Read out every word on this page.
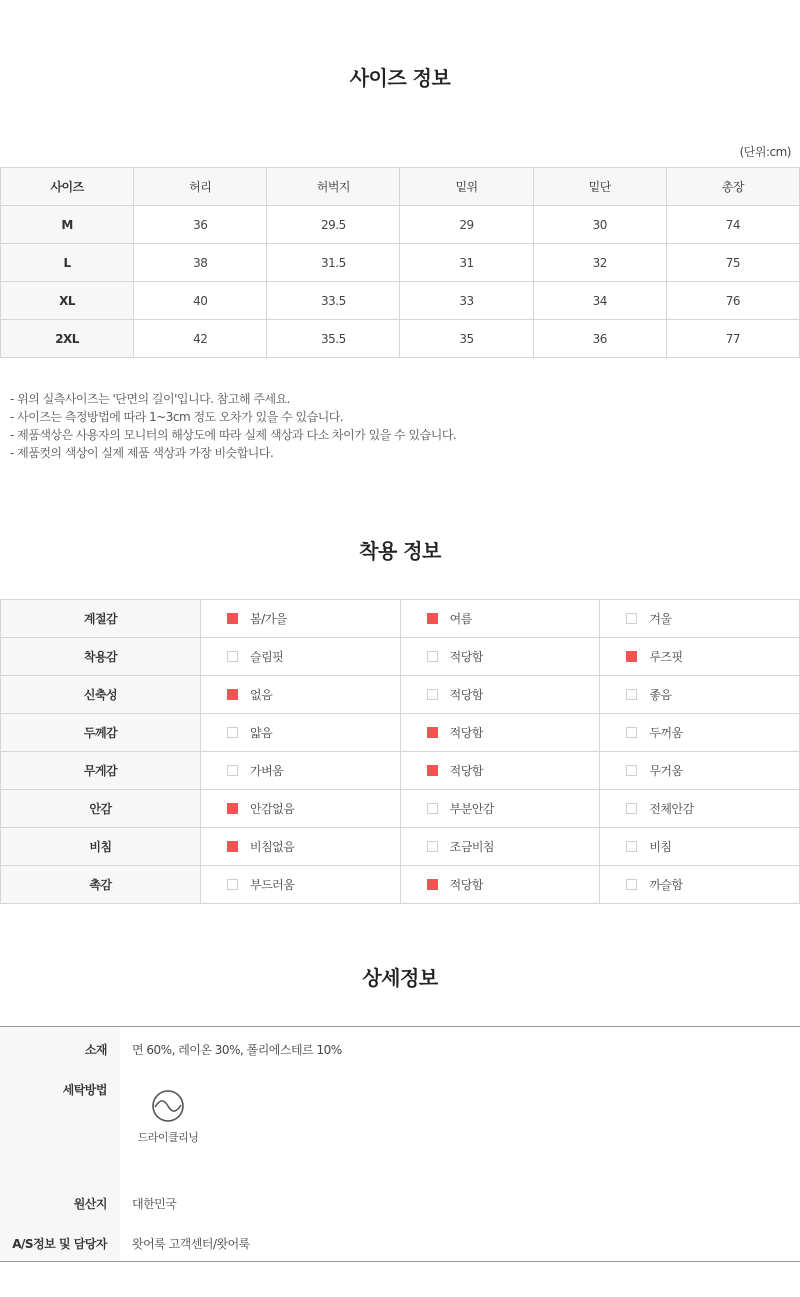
사이즈 정보
(단위:cm)
사이즈	허리	허벅지	밑위	밑단	총장
M	36	29.5	29	30	74
L	38	31.5	31	32	75
XL	40	33.5	33	34	76
2XL	42	35.5	35	36	77
- 위의 실측사이즈는 '단면의 길이'입니다. 참고해 주세요.
- 사이즈는 측정방법에 따라 1~3cm 정도 오차가 있을 수 있습니다.
- 제품색상은 사용자의 모니터의 해상도에 따라 실제 색상과 다소 차이가 있을 수 있습니다.
- 제품컷의 색상이 실제 제품 색상과 가장 비슷합니다.
착용 정보
계절감	봄/가을	여름	겨울
착용감	슬림핏	적당함	루즈핏
신축성	없음	적당함	좋음
두께감	얇음	적당함	두꺼움
무게감	가벼움	적당함	무거움
안감	안감없음	부분안감	전체안감
비침	비침없음	조금비침	비침
촉감	부드러움	적당함	까슬함
상세정보
소재	면 60%, 레이온 30%, 폴리에스테르 10%
세탁방법
드라이클리닝
원산지	대한민국
A/S정보 및 담당자	왓어룩 고객센터/왓어룩
